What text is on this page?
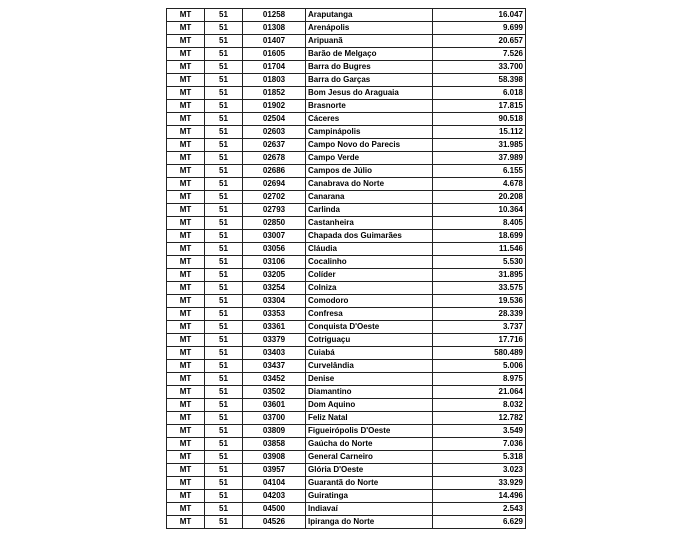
MT	51	01258	Araputanga	16.047
MT	51	01308	Arenápolis	9.699
MT	51	01407	Aripuanã	20.657
MT	51	01605	Barão de Melgaço	7.526
MT	51	01704	Barra do Bugres	33.700
MT	51	01803	Barra do Garças	58.398
MT	51	01852	Bom Jesus do Araguaia	6.018
MT	51	01902	Brasnorte	17.815
MT	51	02504	Cáceres	90.518
MT	51	02603	Campinápolis	15.112
MT	51	02637	Campo Novo do Parecis	31.985
MT	51	02678	Campo Verde	37.989
MT	51	02686	Campos de Júlio	6.155
MT	51	02694	Canabrava do Norte	4.678
MT	51	02702	Canarana	20.208
MT	51	02793	Carlinda	10.364
MT	51	02850	Castanheira	8.405
MT	51	03007	Chapada dos Guimarães	18.699
MT	51	03056	Cláudia	11.546
MT	51	03106	Cocalinho	5.530
MT	51	03205	Colíder	31.895
MT	51	03254	Colniza	33.575
MT	51	03304	Comodoro	19.536
MT	51	03353	Confresa	28.339
MT	51	03361	Conquista D'Oeste	3.737
MT	51	03379	Cotriguaçu	17.716
MT	51	03403	Cuiabá	580.489
MT	51	03437	Curvelândia	5.006
MT	51	03452	Denise	8.975
MT	51	03502	Diamantino	21.064
MT	51	03601	Dom Aquino	8.032
MT	51	03700	Feliz Natal	12.782
MT	51	03809	Figueirópolis D'Oeste	3.549
MT	51	03858	Gaúcha do Norte	7.036
MT	51	03908	General Carneiro	5.318
MT	51	03957	Glória D'Oeste	3.023
MT	51	04104	Guarantã do Norte	33.929
MT	51	04203	Guiratinga	14.496
MT	51	04500	Indiavaí	2.543
MT	51	04526	Ipiranga do Norte	6.629
